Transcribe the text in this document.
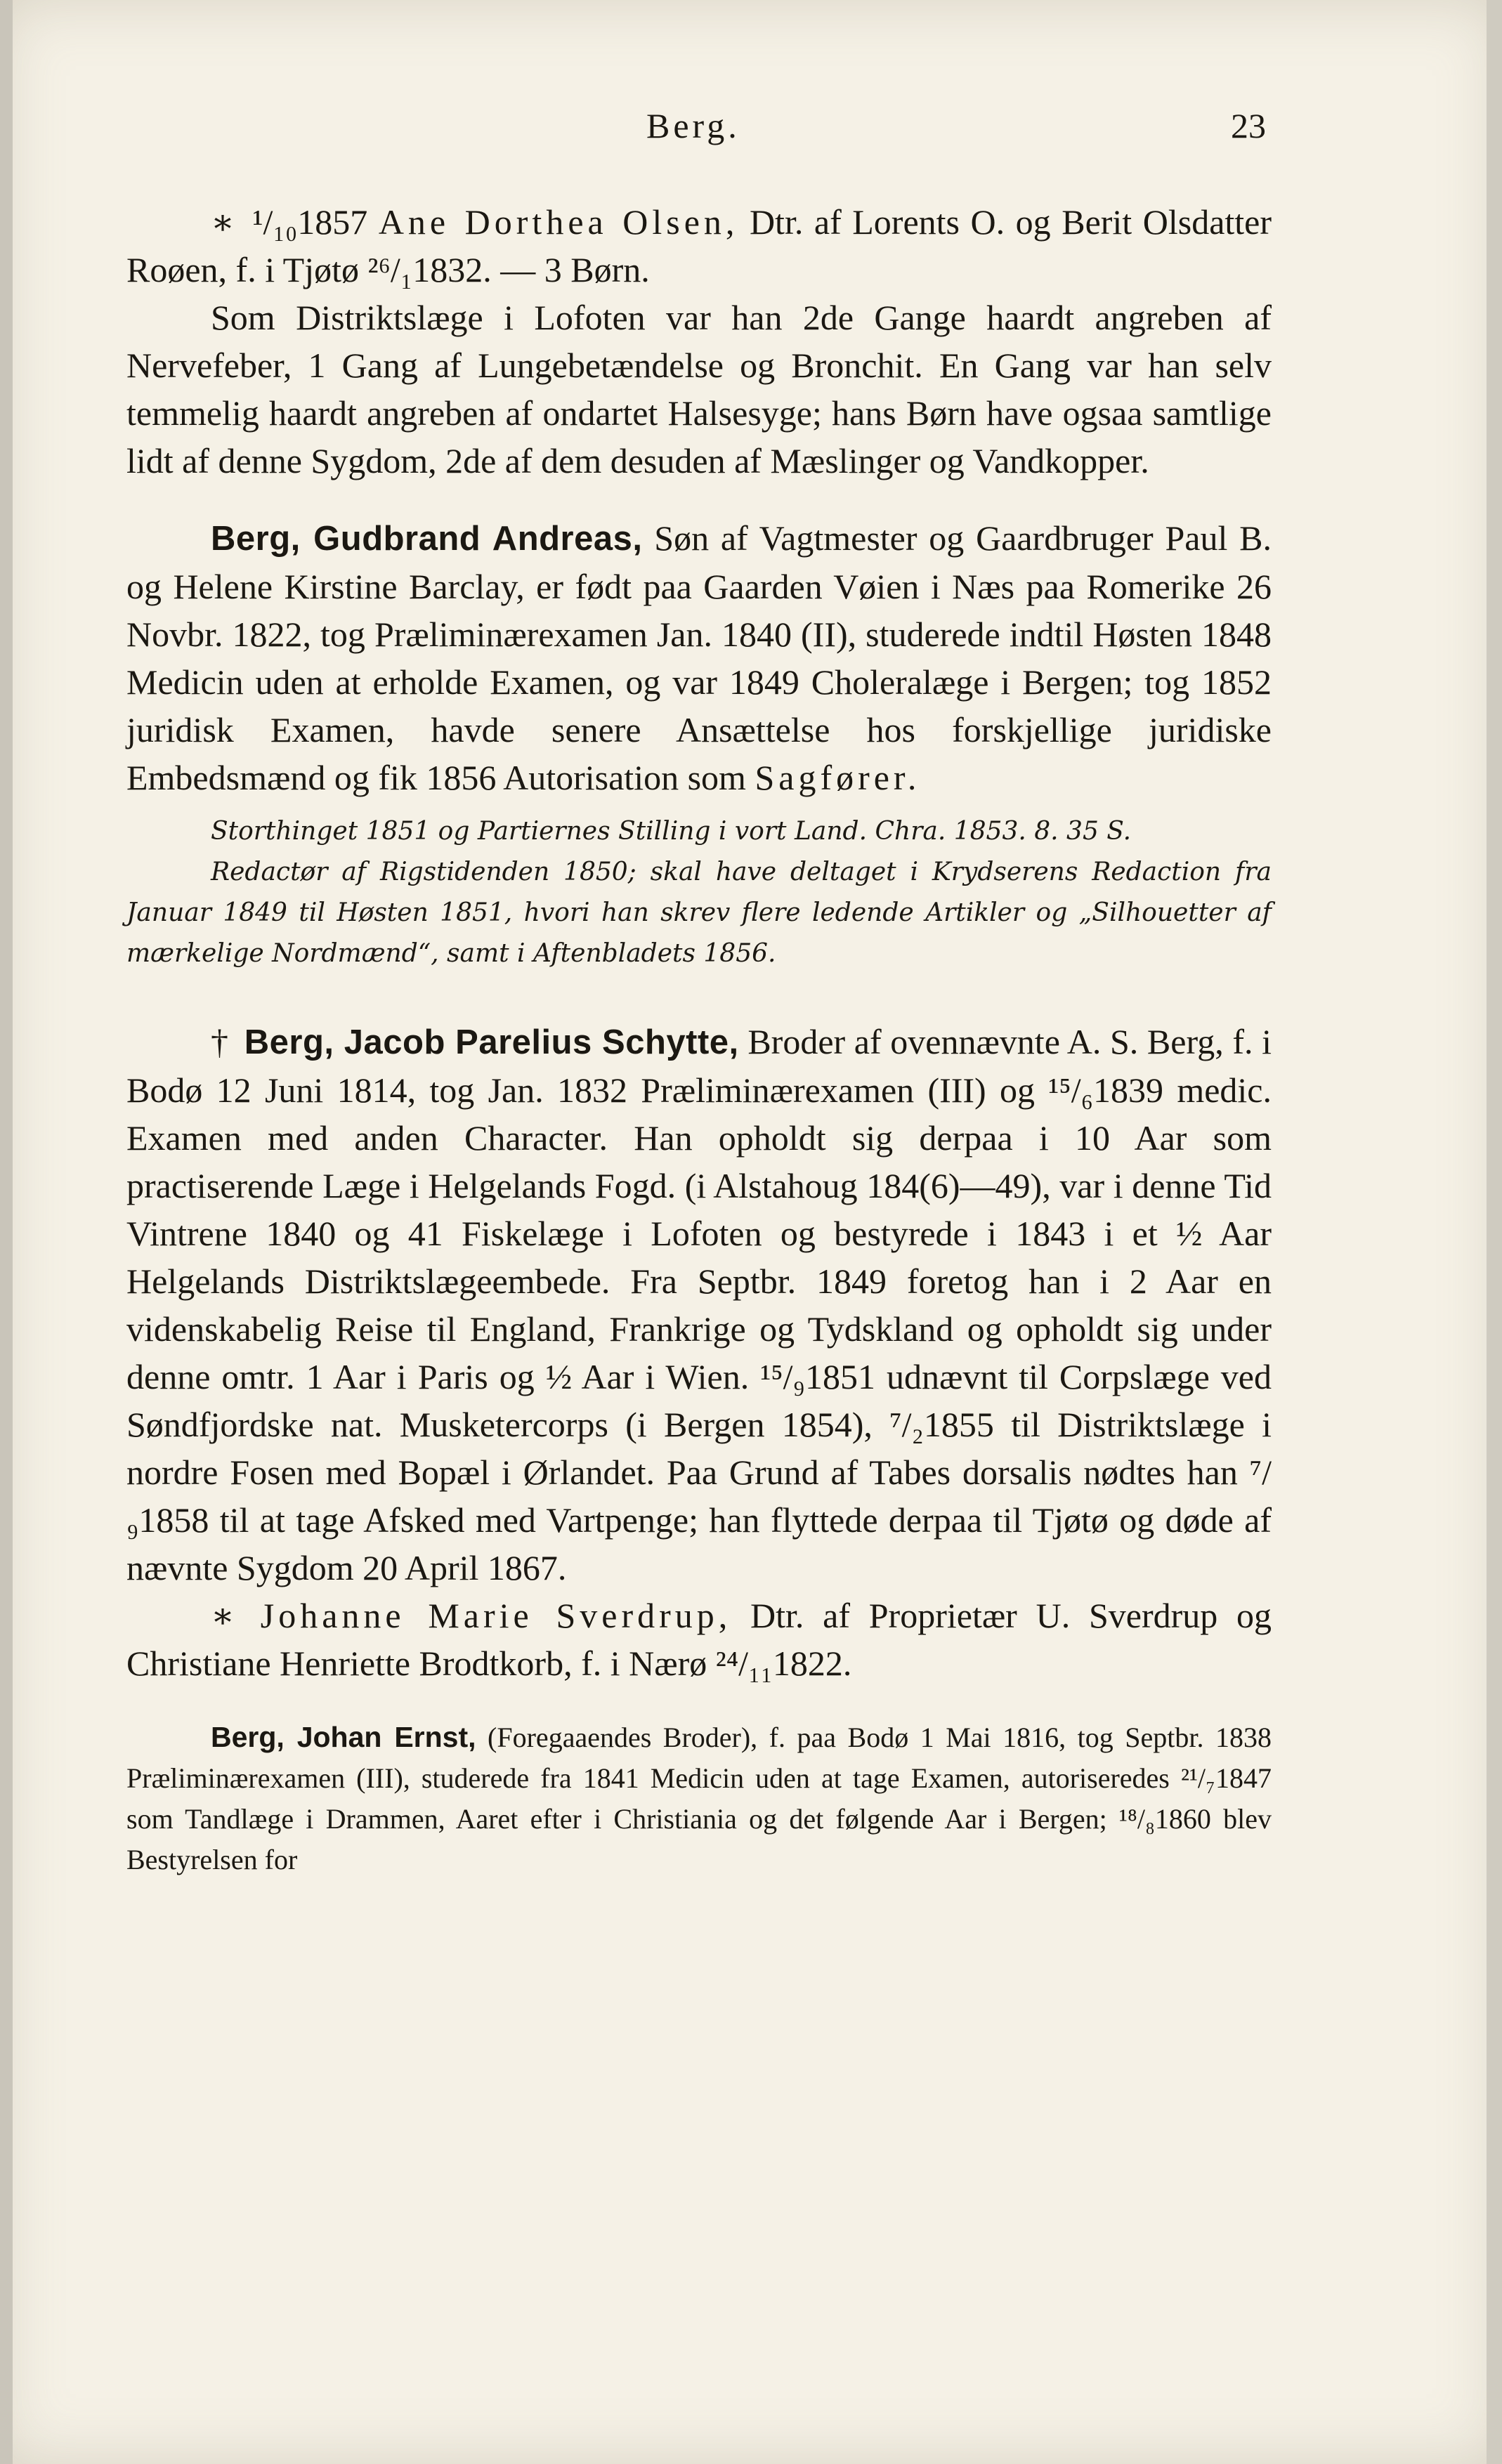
Berg.	23

∗ ¹/₁₀1857 Ane Dorthea Olsen, Dtr. af Lorents O. og Berit Olsdatter Roøen, f. i Tjøtø ²⁶/₁1832. — 3 Børn.

Som Distriktslæge i Lofoten var han 2de Gange haardt angreben af Nervefeber, 1 Gang af Lungebetændelse og Bronchit. En Gang var han selv temmelig haardt angreben af ondartet Halsesyge; hans Børn have ogsaa samtlige lidt af denne Sygdom, 2de af dem desuden af Mæslinger og Vandkopper.

Berg, Gudbrand Andreas, Søn af Vagtmester og Gaardbruger Paul B. og Helene Kirstine Barclay, er født paa Gaarden Vøien i Næs paa Romerike 26 Novbr. 1822, tog Præliminærexamen Jan. 1840 (II), studerede indtil Høsten 1848 Medicin uden at erholde Examen, og var 1849 Choleralæge i Bergen; tog 1852 juridisk Examen, havde senere Ansættelse hos forskjellige juridiske Embedsmænd og fik 1856 Autorisation som Sagfører.

Storthinget 1851 og Partiernes Stilling i vort Land. Chra. 1853. 8. 35 S.

Redactør af Rigstidenden 1850; skal have deltaget i Krydserens Redaction fra Januar 1849 til Høsten 1851, hvori han skrev flere ledende Artikler og „Silhouetter af mærkelige Nordmænd“, samt i Aftenbladets 1856.

† Berg, Jacob Parelius Schytte, Broder af ovennævnte A. S. Berg, f. i Bodø 12 Juni 1814, tog Jan. 1832 Præliminærexamen (III) og ¹⁵/₆1839 medic. Examen med anden Character. Han opholdt sig derpaa i 10 Aar som practiserende Læge i Helgelands Fogd. (i Alstahoug 184(6)—49), var i denne Tid Vintrene 1840 og 41 Fiskelæge i Lofoten og bestyrede i 1843 i et ½ Aar Helgelands Distriktslægeembede. Fra Septbr. 1849 foretog han i 2 Aar en videnskabelig Reise til England, Frankrige og Tydskland og opholdt sig under denne omtr. 1 Aar i Paris og ½ Aar i Wien. ¹⁵/₉1851 udnævnt til Corpslæge ved Søndfjordske nat. Musketercorps (i Bergen 1854), ⁷/₂1855 til Distriktslæge i nordre Fosen med Bopæl i Ørlandet. Paa Grund af Tabes dorsalis nødtes han ⁷/₉1858 til at tage Afsked med Vartpenge; han flyttede derpaa til Tjøtø og døde af nævnte Sygdom 20 April 1867.

∗ Johanne Marie Sverdrup, Dtr. af Proprietær U. Sverdrup og Christiane Henriette Brodtkorb, f. i Nærø ²⁴/₁₁1822.

Berg, Johan Ernst, (Foregaaendes Broder), f. paa Bodø 1 Mai 1816, tog Septbr. 1838 Præliminærexamen (III), studerede fra 1841 Medicin uden at tage Examen, autoriseredes ²¹/₇1847 som Tandlæge i Drammen, Aaret efter i Christiania og det følgende Aar i Bergen; ¹⁸/₈1860 blev Bestyrelsen for
